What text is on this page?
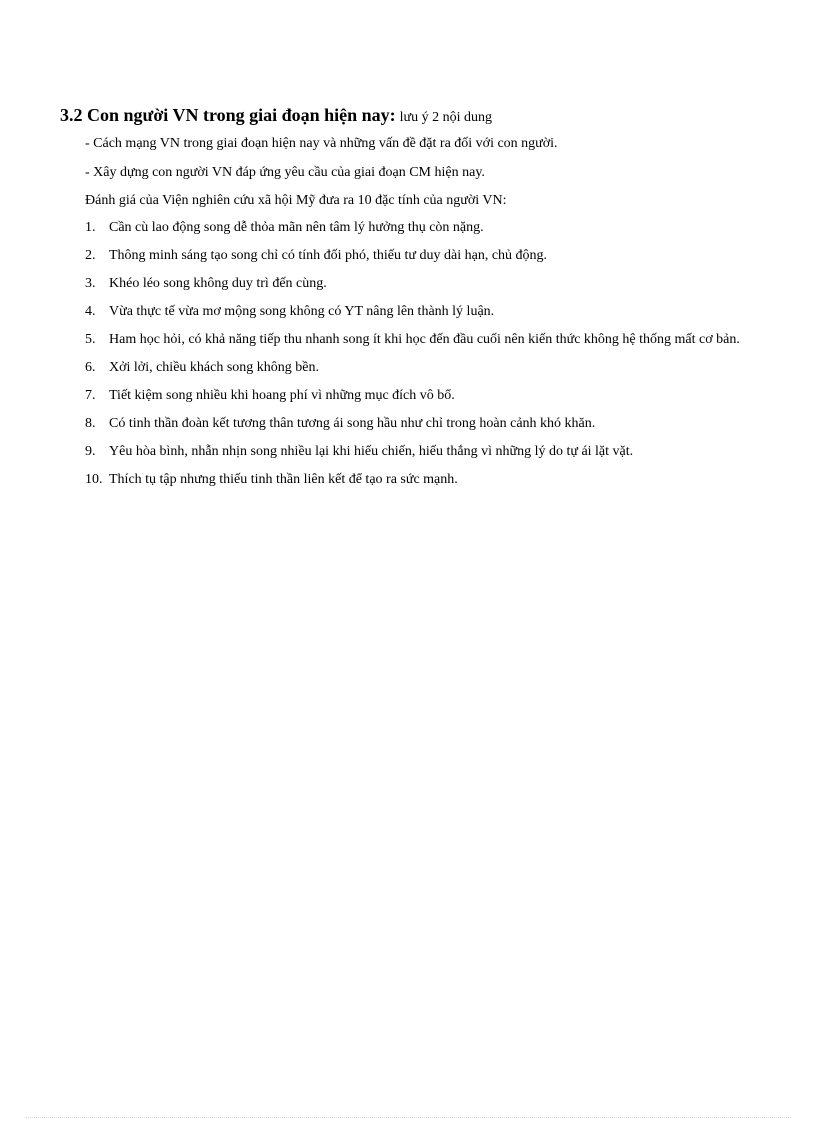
3.2 Con người VN trong giai đoạn hiện nay: lưu ý 2 nội dung
- Cách mạng VN trong giai đoạn hiện nay và những vấn đề đặt ra đối với con người.
- Xây dựng con người VN đáp ứng yêu cầu của giai đoạn CM hiện nay.
Đánh giá của Viện nghiên cứu xã hội Mỹ đưa ra 10 đặc tính của người VN:
1. Cần cù lao động song dễ thỏa mãn nên tâm lý hưởng thụ còn nặng.
2. Thông minh sáng tạo song chỉ có tính đối phó, thiếu tư duy dài hạn, chủ động.
3. Khéo léo song không duy trì đến cùng.
4. Vừa thực tế vừa mơ mộng song không có YT nâng lên thành lý luận.
5. Ham học hỏi, có khả năng tiếp thu nhanh song ít khi học đến đầu cuối nên kiến thức không hệ thống mất cơ bản.
6. Xởi lởi, chiều khách song không bền.
7. Tiết kiệm song nhiều khi hoang phí vì những mục đích vô bổ.
8. Có tinh thần đoàn kết tương thân tương ái song hầu như chỉ trong hoàn cảnh khó khăn.
9. Yêu hòa bình, nhẫn nhịn song nhiều lại khi hiếu chiến, hiếu thắng vì những lý do tự ái lặt vặt.
10. Thích tụ tập nhưng thiếu tinh thần liên kết để tạo ra sức mạnh.
